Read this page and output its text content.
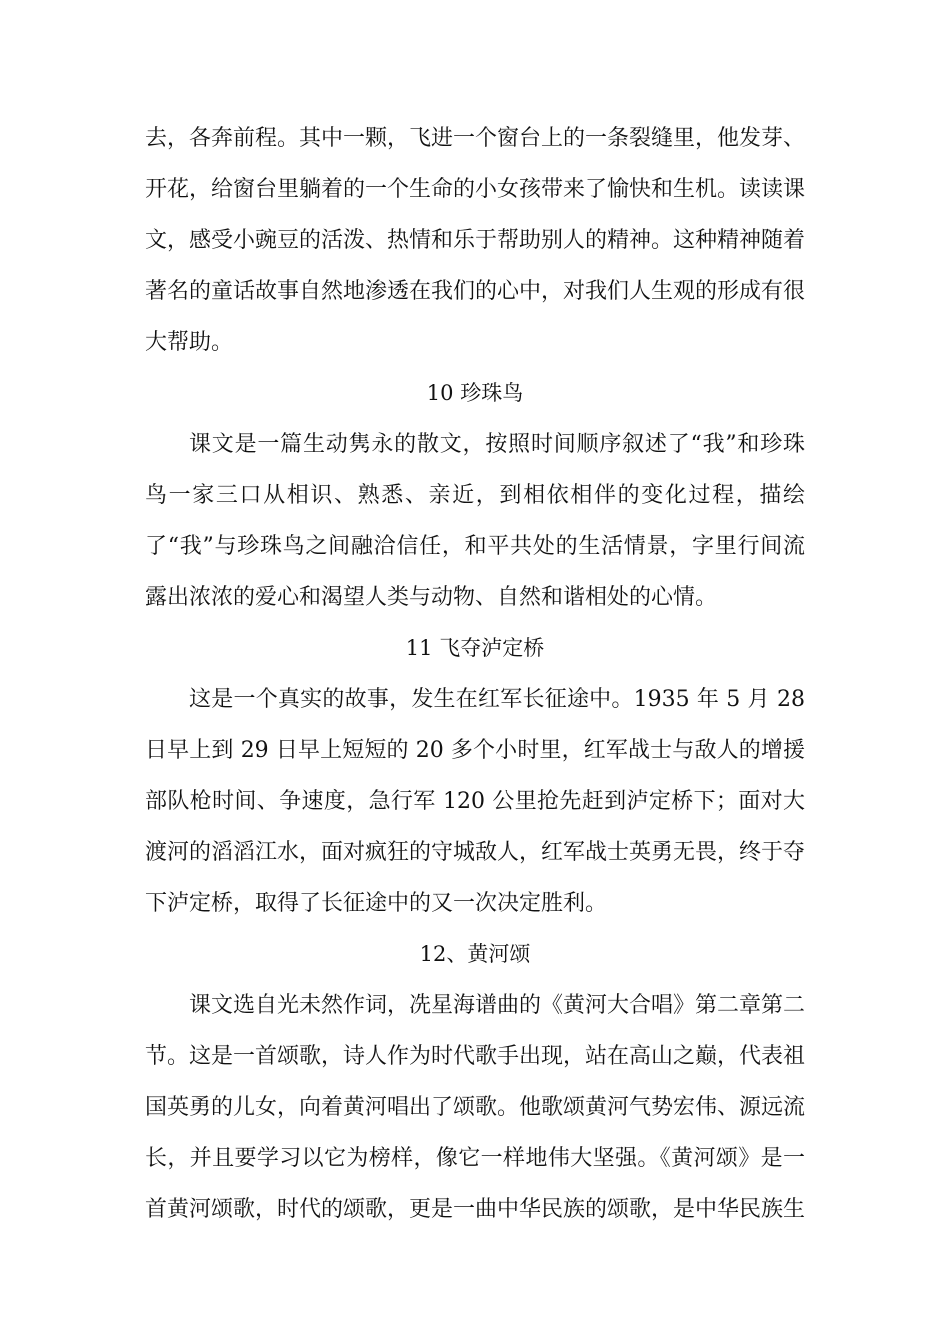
去，各奔前程。其中一颗，飞进一个窗台上的一条裂缝里，他发芽、开花，给窗台里躺着的一个生命的小女孩带来了愉快和生机。读读课文，感受小豌豆的活泼、热情和乐于帮助别人的精神。这种精神随着著名的童话故事自然地渗透在我们的心中，对我们人生观的形成有很大帮助。

10 珍珠鸟

课文是一篇生动隽永的散文，按照时间顺序叙述了“我”和珍珠鸟一家三口从相识、熟悉、亲近，到相依相伴的变化过程，描绘了“我”与珍珠鸟之间融洽信任，和平共处的生活情景，字里行间流露出浓浓的爱心和渴望人类与动物、自然和谐相处的心情。

11 飞夺泸定桥

这是一个真实的故事，发生在红军长征途中。1935 年 5 月 28 日早上到 29 日早上短短的 20 多个小时里，红军战士与敌人的增援部队枪时间、争速度，急行军 120 公里抢先赶到泸定桥下；面对大渡河的滔滔江水，面对疯狂的守城敌人，红军战士英勇无畏，终于夺下泸定桥，取得了长征途中的又一次决定胜利。

12、黄河颂

课文选自光未然作词，冼星海谱曲的《黄河大合唱》第二章第二节。这是一首颂歌，诗人作为时代歌手出现，站在高山之巅，代表祖国英勇的儿女，向着黄河唱出了颂歌。他歌颂黄河气势宏伟、源远流长，并且要学习以它为榜样，像它一样地伟大坚强。《黄河颂》是一首黄河颂歌，时代的颂歌，更是一曲中华民族的颂歌，是中华民族生
